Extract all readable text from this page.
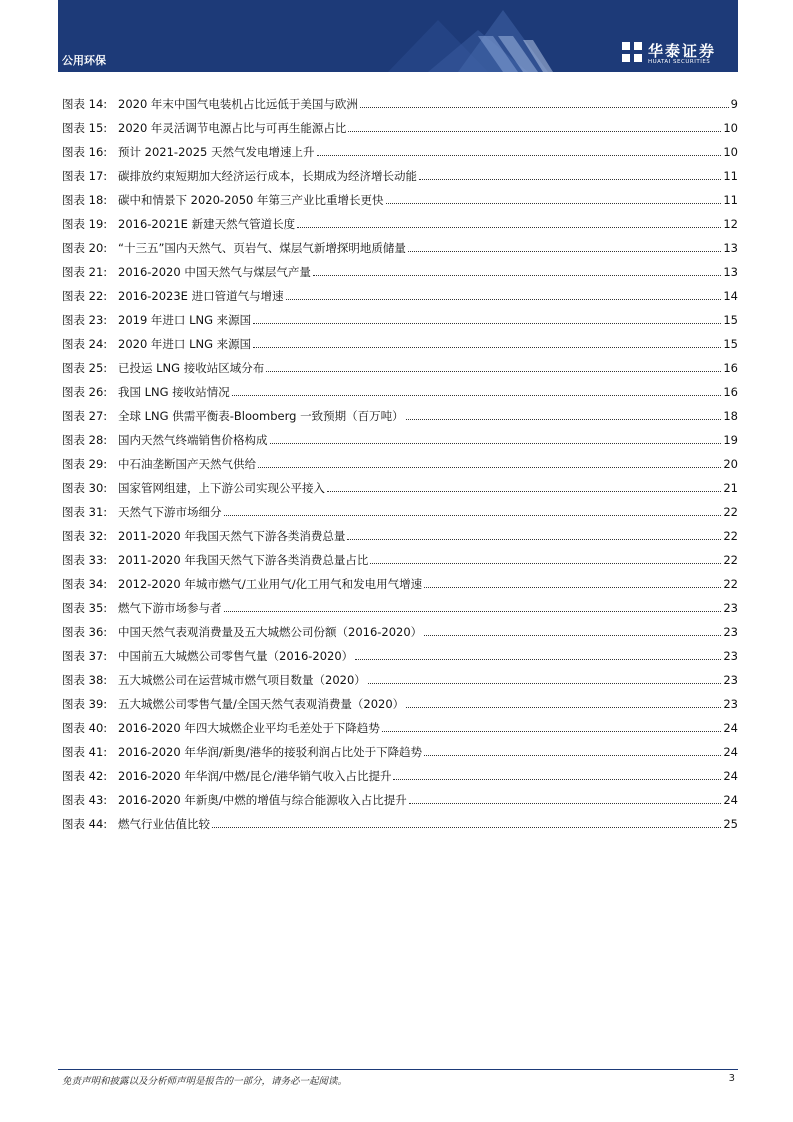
公用环保
华泰证券
HUATAI SECURITIES
图表 14: 2020 年末中国气电装机占比远低于美国与欧洲	9
图表 15: 2020 年灵活调节电源占比与可再生能源占比	10
图表 16: 预计 2021-2025 天然气发电增速上升	10
图表 17: 碳排放约束短期加大经济运行成本，长期成为经济增长动能	11
图表 18: 碳中和情景下 2020-2050 年第三产业比重增长更快	11
图表 19: 2016-2021E 新建天然气管道长度	12
图表 20: “十三五”国内天然气、页岩气、煤层气新增探明地质储量	13
图表 21: 2016-2020 中国天然气与煤层气产量	13
图表 22: 2016-2023E 进口管道气与增速	14
图表 23: 2019 年进口 LNG 来源国	15
图表 24: 2020 年进口 LNG 来源国	15
图表 25: 已投运 LNG 接收站区域分布	16
图表 26: 我国 LNG 接收站情况	16
图表 27: 全球 LNG 供需平衡表-Bloomberg 一致预期（百万吨）	18
图表 28: 国内天然气终端销售价格构成	19
图表 29: 中石油垄断国产天然气供给	20
图表 30: 国家管网组建，上下游公司实现公平接入	21
图表 31: 天然气下游市场细分	22
图表 32: 2011-2020 年我国天然气下游各类消费总量	22
图表 33: 2011-2020 年我国天然气下游各类消费总量占比	22
图表 34: 2012-2020 年城市燃气/工业用气/化工用气和发电用气增速	22
图表 35: 燃气下游市场参与者	23
图表 36: 中国天然气表观消费量及五大城燃公司份额（2016-2020）	23
图表 37: 中国前五大城燃公司零售气量（2016-2020）	23
图表 38: 五大城燃公司在运营城市燃气项目数量（2020）	23
图表 39: 五大城燃公司零售气量/全国天然气表观消费量（2020）	23
图表 40: 2016-2020 年四大城燃企业平均毛差处于下降趋势	24
图表 41: 2016-2020 年华润/新奥/港华的接驳利润占比处于下降趋势	24
图表 42: 2016-2020 年华润/中燃/昆仑/港华销气收入占比提升	24
图表 43: 2016-2020 年新奥/中燃的增值与综合能源收入占比提升	24
图表 44: 燃气行业估值比较	25
免责声明和披露以及分析师声明是报告的一部分，请务必一起阅读。	3
